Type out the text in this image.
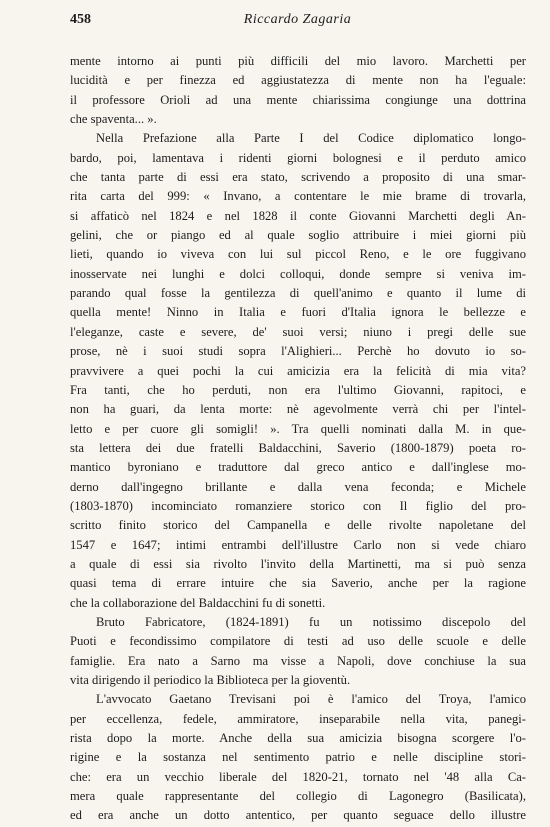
458	Riccardo Zagaria
mente intorno ai punti più difficili del mio lavoro. Marchetti per
lucidità e per finezza ed aggiustatezza di mente non ha l'eguale:
il professore Orioli ad una mente chiarissima congiunge una dottrina
che spaventa... ».
Nella Prefazione alla Parte I del Codice diplomatico longo-
bardo, poi, lamentava i ridenti giorni bolognesi e il perduto amico
che tanta parte di essi era stato, scrivendo a proposito di una smar-
rita carta del 999: « Invano, a contentare le mie brame di trovarla,
si affaticò nel 1824 e nel 1828 il conte Giovanni Marchetti degli An-
gelini, che or piango ed al quale soglio attribuire i miei giorni più
lieti, quando io viveva con lui sul piccol Reno, e le ore fuggivano
inosservate nei lunghi e dolci colloqui, donde sempre si veniva im-
parando qual fosse la gentilezza di quell'animo e quanto il lume di
quella mente! Ninno in Italia e fuori d'Italia ignora le bellezze e
l'eleganze, caste e severe, de' suoi versi; niuno i pregi delle sue
prose, nè i suoi studi sopra l'Alighieri... Perchè ho dovuto io so-
pravvivere a quei pochi la cui amicizia era la felicità di mia vita?
Fra tanti, che ho perduti, non era l'ultimo Giovanni, rapitoci, e
non ha guari, da lenta morte: nè agevolmente verrà chi per l'intel-
letto e per cuore gli somigli! ». Tra quelli nominati dalla M. in que-
sta lettera dei due fratelli Baldacchini, Saverio (1800-1879) poeta ro-
mantico byroniano e traduttore dal greco antico e dall'inglese mo-
derno dall'ingegno brillante e dalla vena feconda; e Michele
(1803-1870) incominciato romanziere storico con Il figlio del pro-
scritto finito storico del Campanella e delle rivolte napoletane del
1547 e 1647; intimi entrambi dell'illustre Carlo non si vede chiaro
a quale di essi sia rivolto l'invito della Martinetti, ma si può senza
quasi tema di errare intuire che sia Saverio, anche per la ragione
che la collaborazione del Baldacchini fu di sonetti.
Bruto Fabricatore, (1824-1891) fu un notissimo discepolo del
Puoti e fecondissimo compilatore di testi ad uso delle scuole e delle
famiglie. Era nato a Sarno ma visse a Napoli, dove conchiuse la sua
vita dirigendo il periodico la Biblioteca per la gioventù.
L'avvocato Gaetano Trevisani poi è l'amico del Troya, l'amico
per eccellenza, fedele, ammiratore, inseparabile nella vita, panegi-
rista dopo la morte. Anche della sua amicizia bisogna scorgere l'o-
rigine e la sostanza nel sentimento patrio e nelle discipline stori-
che: era un vecchio liberale del 1820-21, tornato nel '48 alla Ca-
mera quale rappresentante del collegio di Lagonegro (Basilicata),
ed era anche un dotto antentico, per quanto seguace dello illustre
